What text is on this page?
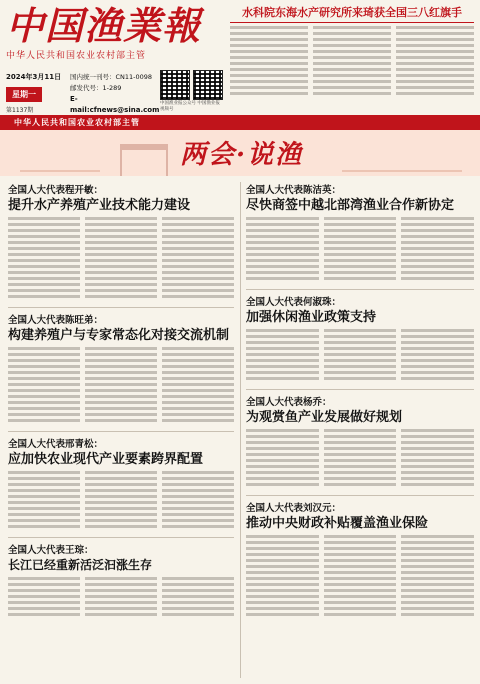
中国渔業報
中华人民共和国农业农村部主管
2024年3月11日
星期一
第1137期
国内统一刊号：CN11-0098
邮发代号：1-289
E-mail:cfnews@sina.com
中国渔业报公众号 中国渔业报视频号
水科院东海水产研究所来琦获全国三八红旗手
中华人民共和国农业农村部主管
两会·说渔
全国人大代表程开敏：
提升水产养殖产业技术能力建设
全国人大代表陈旺弟：
构建养殖户与专家常态化对接交流机制
全国人大代表邢青松：
应加快农业现代产业要素跨界配置
全国人大代表王琮：
长江已经重新活泛汩涨生存
全国人大代表陈洁英：
尽快商签中越北部湾渔业合作新协定
全国人大代表何淑珠：
加强休闲渔业政策支持
全国人大代表杨乔：
为观赏鱼产业发展做好规划
全国人大代表刘汉元：
推动中央财政补贴覆盖渔业保险
